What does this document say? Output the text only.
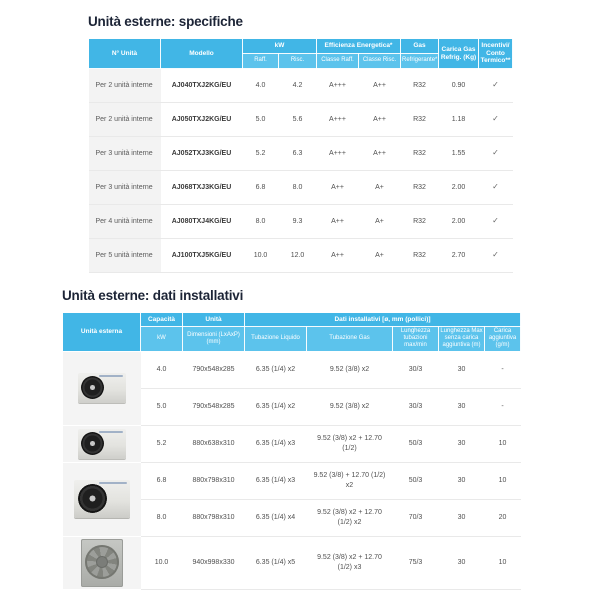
Unità esterne: specifiche
N° Unità	Modello	kW		Efficienza Energetica*		Gas	Carica Gas Refrig. (Kg)	Incentivi/ Conto Termico**
		Raff.	Risc.	Classe Raff.	Classe Risc.	Refrigerante*		
Per 2 unità interne	AJ040TXJ2KG/EU	4.0	4.2	A+++	A++	R32	0.90	✓
Per 2 unità interne	AJ050TXJ2KG/EU	5.0	5.6	A+++	A++	R32	1.18	✓
Per 3 unità interne	AJ052TXJ3KG/EU	5.2	6.3	A+++	A++	R32	1.55	✓
Per 3 unità interne	AJ068TXJ3KG/EU	6.8	8.0	A++	A+	R32	2.00	✓
Per 4 unità interne	AJ080TXJ4KG/EU	8.0	9.3	A++	A+	R32	2.00	✓
Per 5 unità interne	AJ100TXJ5KG/EU	10.0	12.0	A++	A+	R32	2.70	✓
Unità esterne: dati installativi
Unità esterna	Capacità	Unità	Dati installativi [ø, mm (pollici)]				
	kW	Dimensioni (LxAxP) (mm)	Tubazione Liquido	Tubazione Gas	Lunghezza tubazioni max/min	Lunghezza Max senza carica aggiuntiva (m)	Carica aggiuntiva (g/m)

	4.0	790x548x285	6.35 (1/4) x2	9.52 (3/8) x2	30/3	30	-
	5.0	790x548x285	6.35 (1/4) x2	9.52 (3/8) x2	30/3	30	-

	5.2	880x638x310	6.35 (1/4) x3	9.52 (3/8) x2 + 12.70 (1/2)	50/3	30	10

	6.8	880x798x310	6.35 (1/4) x3	9.52 (3/8) + 12.70 (1/2) x2	50/3	30	10
	8.0	880x798x310	6.35 (1/4) x4	9.52 (3/8) x2 + 12.70 (1/2) x2	70/3	30	20

	10.0	940x998x330	6.35 (1/4) x5	9.52 (3/8) x2 + 12.70 (1/2) x3	75/3	30	10
